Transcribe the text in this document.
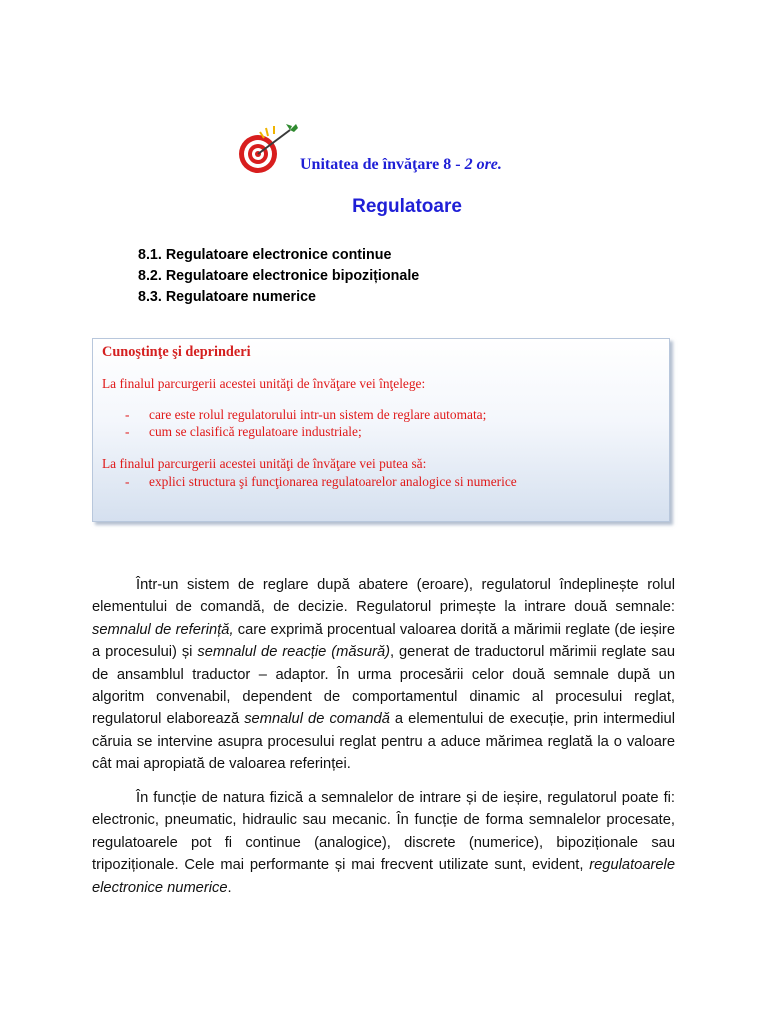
Unitatea de învăţare 8 - 2 ore.
Regulatoare
8.1. Regulatoare electronice continue
8.2. Regulatoare electronice bipoziționale
8.3. Regulatoare numerice
Cunoştinţe şi deprinderi
La finalul parcurgerii acestei unităţi de învăţare vei înţelege:
- care este rolul regulatorului intr-un sistem de reglare automata;
- cum se clasifică regulatoare industriale;
La finalul parcurgerii acestei unităţi de învăţare vei putea să:
- explici structura şi funcţionarea regulatoarelor analogice si numerice

Într-un sistem de reglare după abatere (eroare), regulatorul îndeplinește rolul elementului de comandă, de decizie. Regulatorul primește la intrare două semnale: semnalul de referință, care exprimă procentual valoarea dorită a mărimii reglate (de ieșire a procesului) și semnalul de reacție (măsură), generat de traductorul mărimii reglate sau de ansamblul traductor – adaptor. În urma procesării celor două semnale după un algoritm convenabil, dependent de comportamentul dinamic al procesului reglat, regulatorul elaborează semnalul de comandă a elementului de execuție, prin intermediul căruia se intervine asupra procesului reglat pentru a aduce mărimea reglată la o valoare cât mai apropiată de valoarea referinței.

În funcție de natura fizică a semnalelor de intrare și de ieșire, regulatorul poate fi: electronic, pneumatic, hidraulic sau mecanic. În funcție de forma semnalelor procesate, regulatoarele pot fi continue (analogice), discrete (numerice), bipoziționale sau tripoziționale. Cele mai performante și mai frecvent utilizate sunt, evident, regulatoarele electronice numerice.
